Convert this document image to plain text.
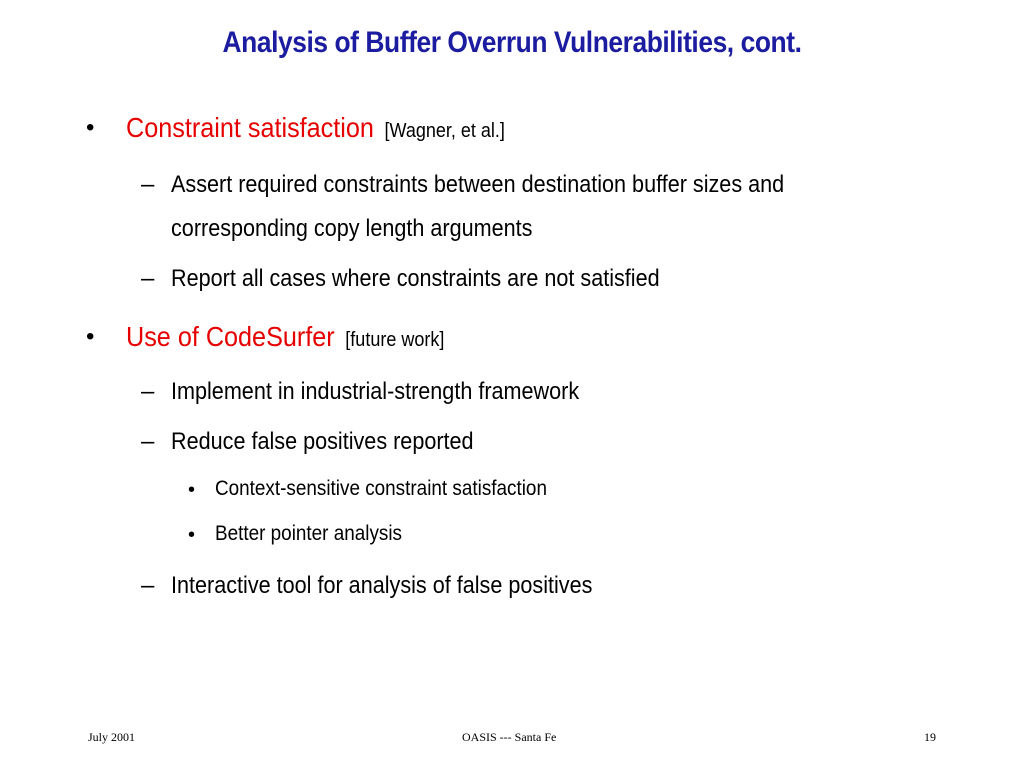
Analysis of Buffer Overrun Vulnerabilities, cont.
• Constraint satisfaction [Wagner, et al.]
– Assert required constraints between destination buffer sizes and
corresponding copy length arguments
– Report all cases where constraints are not satisfied
• Use of CodeSurfer [future work]
– Implement in industrial-strength framework
– Reduce false positives reported
• Context-sensitive constraint satisfaction
• Better pointer analysis
– Interactive tool for analysis of false positives
July 2001	OASIS --- Santa Fe	19
